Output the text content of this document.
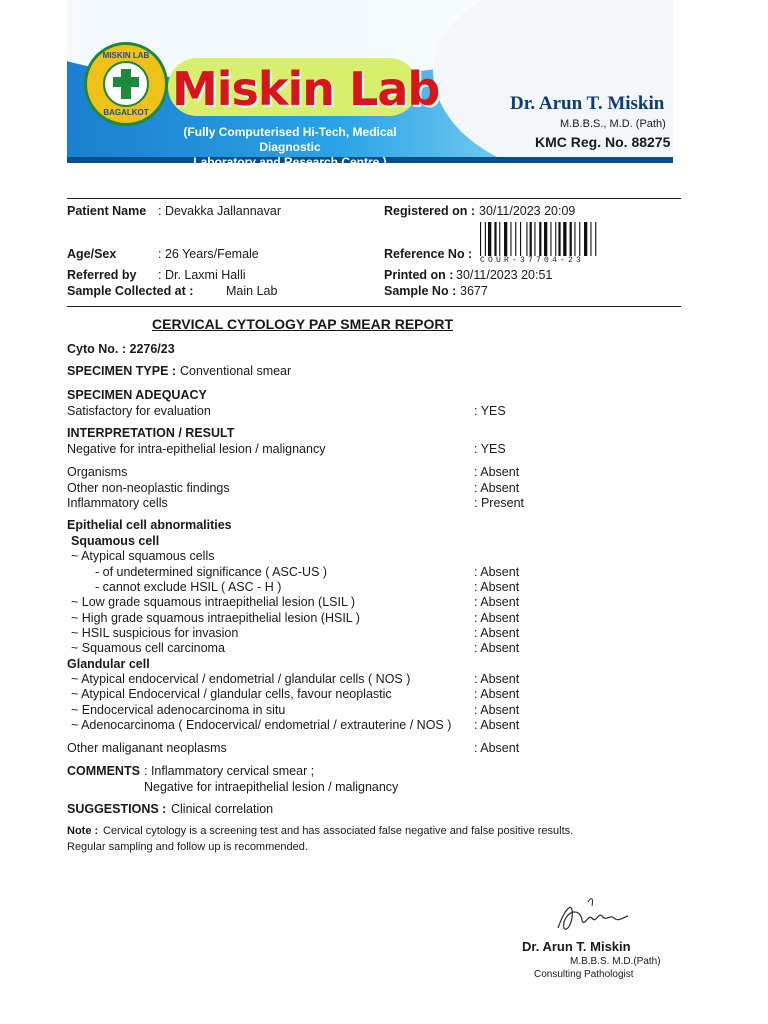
MISKIN LAB
BAGALKOT Miskin Lab
(Fully Computerised Hi-Tech, Medical Diagnostic
Laboratory and Research Centre.)
Dr. Arun T. Miskin
M.B.B.S., M.D. (Path)
KMC Reg. No. 88275
Patient Name : Devakka Jallannavar	Registered on : 30/11/2023 20:09
Age/Sex	: 26 Years/Female	Reference No : COUR-37704-23
Referred by : Dr. Laxmi Halli	Printed on : 30/11/2023 20:51
Sample Collected at :	Main Lab	Sample No : 3677
CERVICAL CYTOLOGY PAP SMEAR REPORT
Cyto No. : 2276/23
SPECIMEN TYPE : Conventional smear
SPECIMEN ADEQUACY
Satisfactory for evaluation	: YES
INTERPRETATION / RESULT
Negative for intra-epithelial lesion / malignancy	: YES
Organisms	: Absent
Other non-neoplastic findings	: Absent
Inflammatory cells	: Present
Epithelial cell abnormalities
Squamous cell
~ Atypical squamous cells
- of undetermined significance ( ASC-US )	: Absent
- cannot exclude HSIL ( ASC - H )	: Absent
~ Low grade squamous intraepithelial lesion (LSIL )	: Absent
~ High grade squamous intraepithelial lesion (HSIL )	: Absent
~ HSIL suspicious for invasion	: Absent
~ Squamous cell carcinoma	: Absent
Glandular cell
~ Atypical endocervical / endometrial / glandular cells ( NOS )	: Absent
~ Atypical Endocervical / glandular cells, favour neoplastic	: Absent
~ Endocervical adenocarcinoma in situ	: Absent
~ Adenocarcinoma ( Endocervical/ endometrial / extrauterine / NOS ) : Absent
Other maliganant neoplasms	: Absent
COMMENTS : Inflammatory cervical smear ;
Negative for intraepithelial lesion / malignancy
SUGGESTIONS : Clinical correlation
Note : Cervical cytology is a screening test and has associated false negative and false positive results.
Regular sampling and follow up is recommended.
Dr. Arun T. Miskin
M.B.B.S. M.D.(Path)
Consulting Pathologist
